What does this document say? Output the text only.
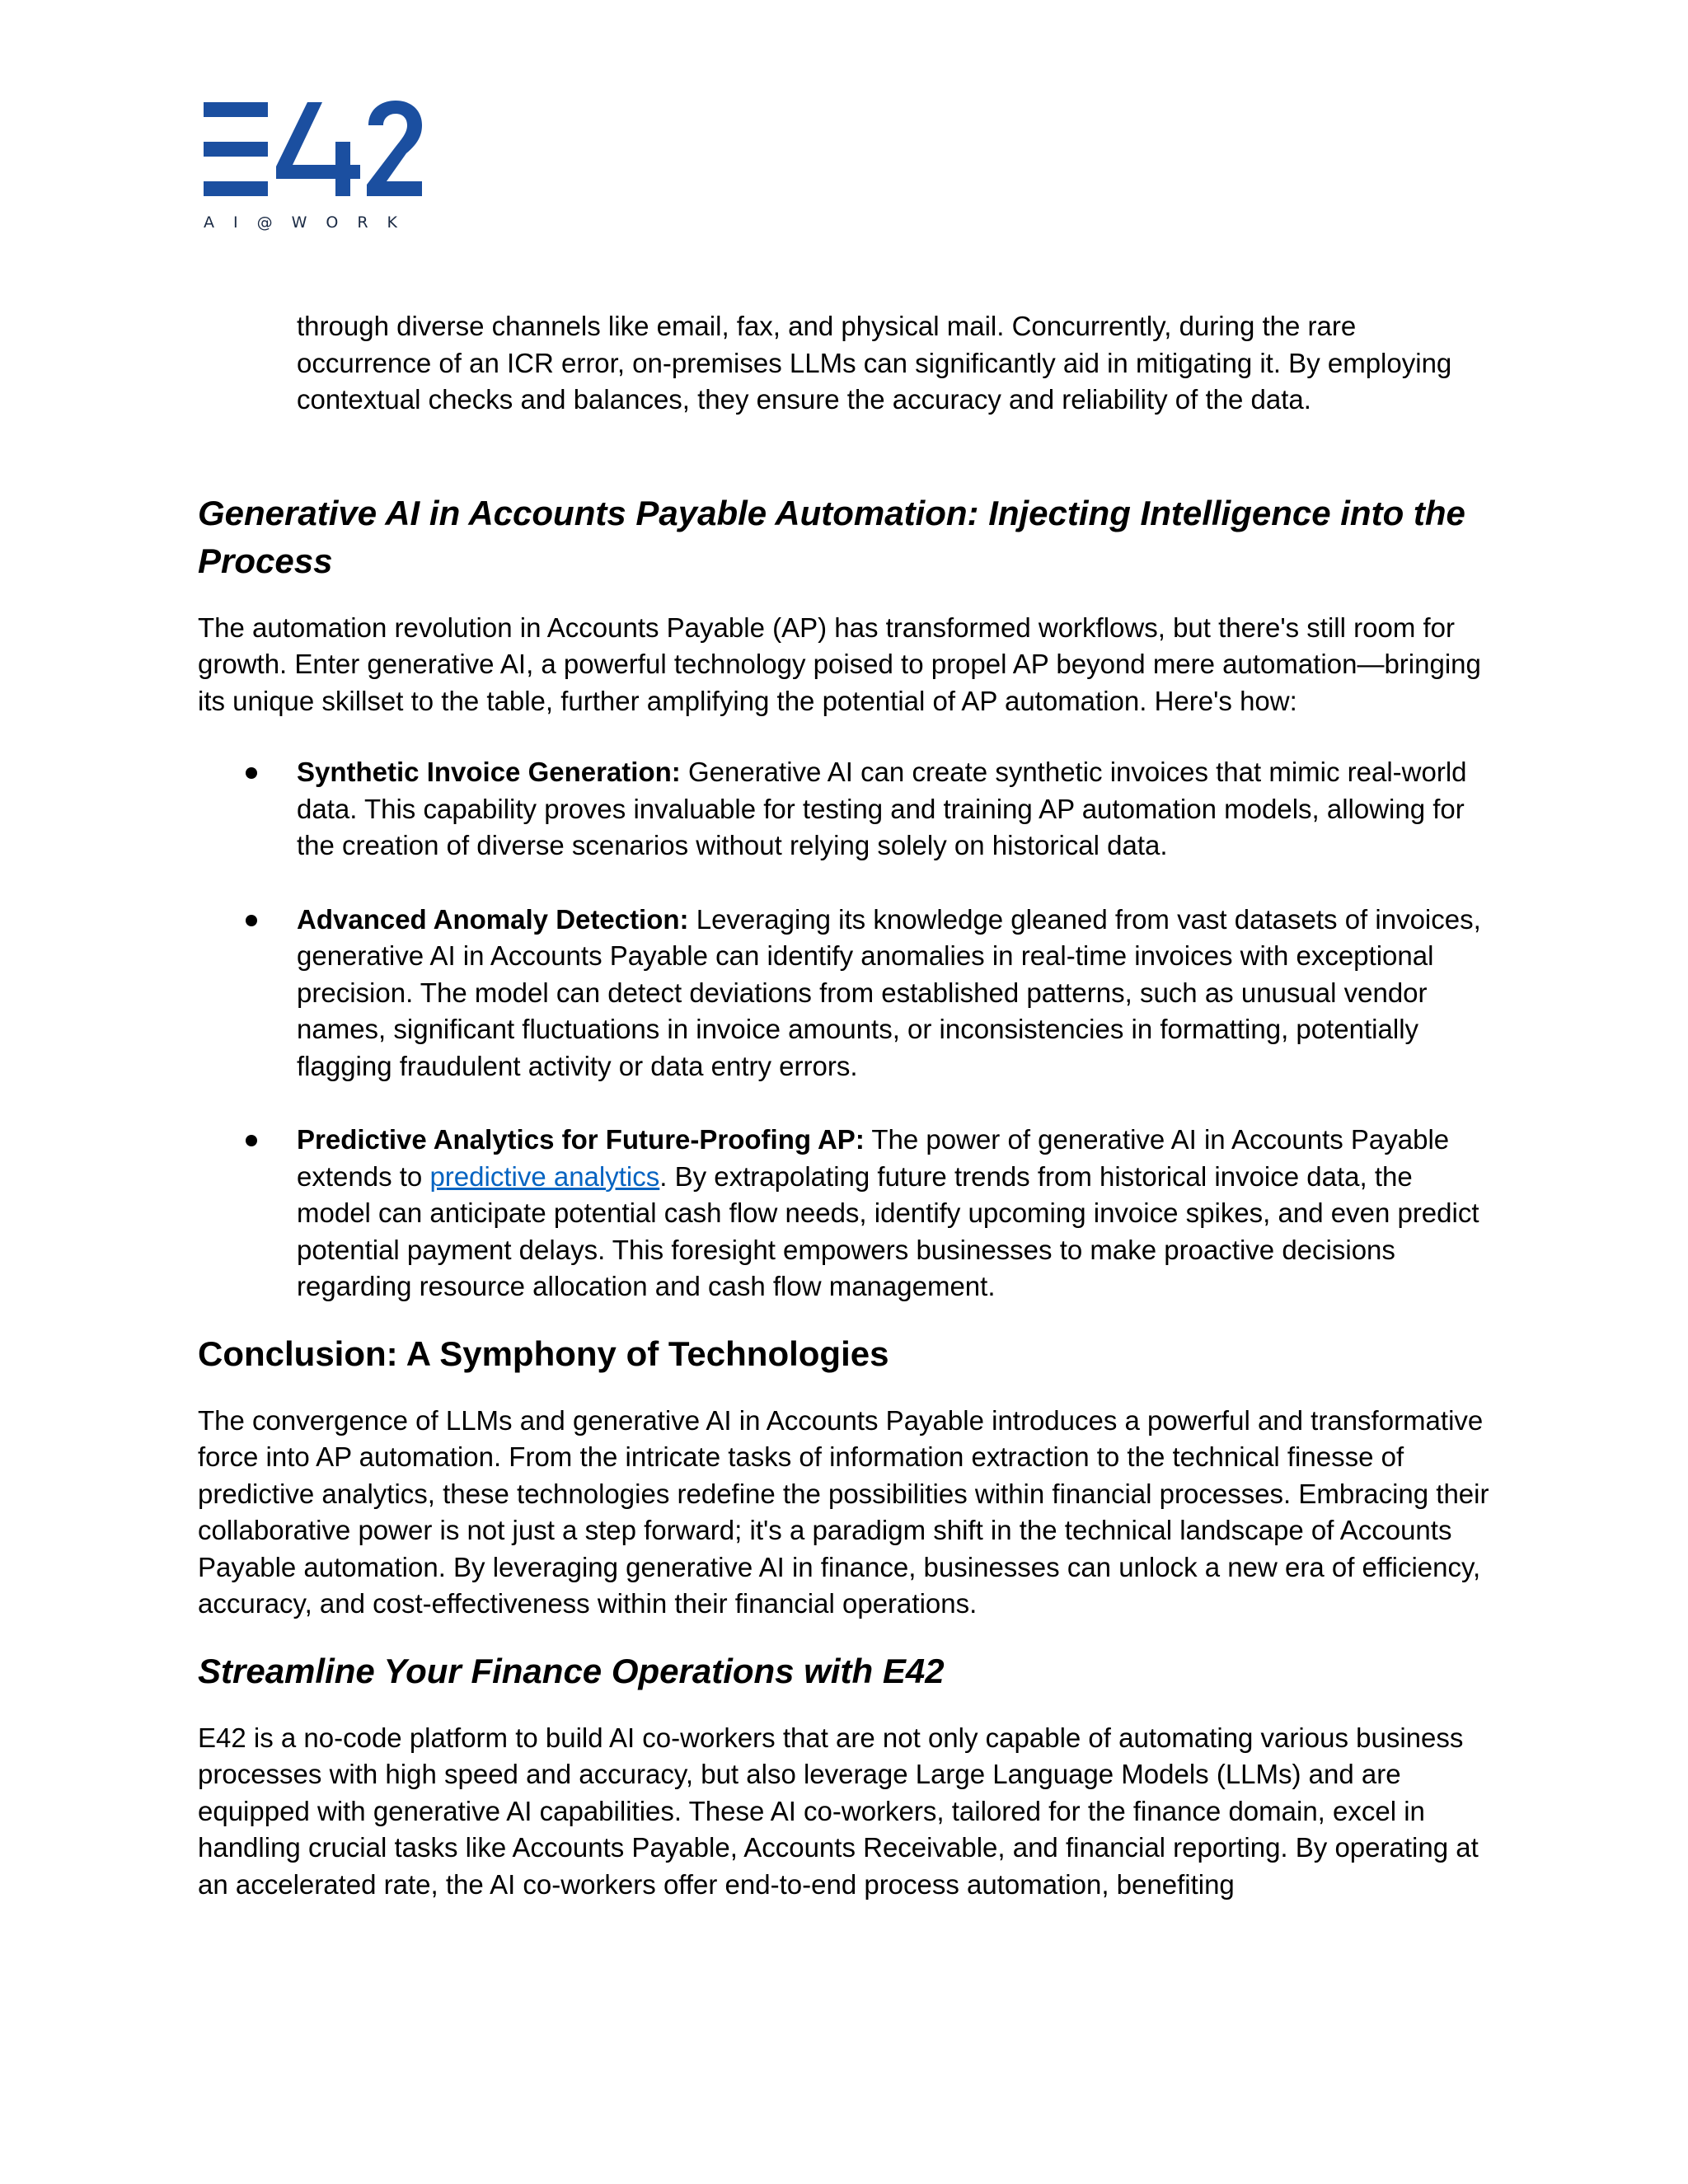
AI@WORK

through diverse channels like email, fax, and physical mail. Concurrently, during the rare occurrence of an ICR error, on-premises LLMs can significantly aid in mitigating it. By employing contextual checks and balances, they ensure the accuracy and reliability of the data.

Generative AI in Accounts Payable Automation: Injecting Intelligence into the Process

The automation revolution in Accounts Payable (AP) has transformed workflows, but there's still room for growth. Enter generative AI, a powerful technology poised to propel AP beyond mere automation—bringing its unique skillset to the table, further amplifying the potential of AP automation. Here's how:

Synthetic Invoice Generation: Generative AI can create synthetic invoices that mimic real-world data. This capability proves invaluable for testing and training AP automation models, allowing for the creation of diverse scenarios without relying solely on historical data.
Advanced Anomaly Detection: Leveraging its knowledge gleaned from vast datasets of invoices, generative AI in Accounts Payable can identify anomalies in real-time invoices with exceptional precision. The model can detect deviations from established patterns, such as unusual vendor names, significant fluctuations in invoice amounts, or inconsistencies in formatting, potentially flagging fraudulent activity or data entry errors.
Predictive Analytics for Future-Proofing AP: The power of generative AI in Accounts Payable extends to predictive analytics. By extrapolating future trends from historical invoice data, the model can anticipate potential cash flow needs, identify upcoming invoice spikes, and even predict potential payment delays. This foresight empowers businesses to make proactive decisions regarding resource allocation and cash flow management.
Conclusion: A Symphony of Technologies

The convergence of LLMs and generative AI in Accounts Payable introduces a powerful and transformative force into AP automation. From the intricate tasks of information extraction to the technical finesse of predictive analytics, these technologies redefine the possibilities within financial processes. Embracing their collaborative power is not just a step forward; it's a paradigm shift in the technical landscape of Accounts Payable automation. By leveraging generative AI in finance, businesses can unlock a new era of efficiency, accuracy, and cost-effectiveness within their financial operations.

Streamline Your Finance Operations with E42

E42 is a no-code platform to build AI co-workers that are not only capable of automating various business processes with high speed and accuracy, but also leverage Large Language Models (LLMs) and are equipped with generative AI capabilities. These AI co-workers, tailored for the finance domain, excel in handling crucial tasks like Accounts Payable, Accounts Receivable, and financial reporting. By operating at an accelerated rate, the AI co-workers offer end-to-end process automation, benefiting
